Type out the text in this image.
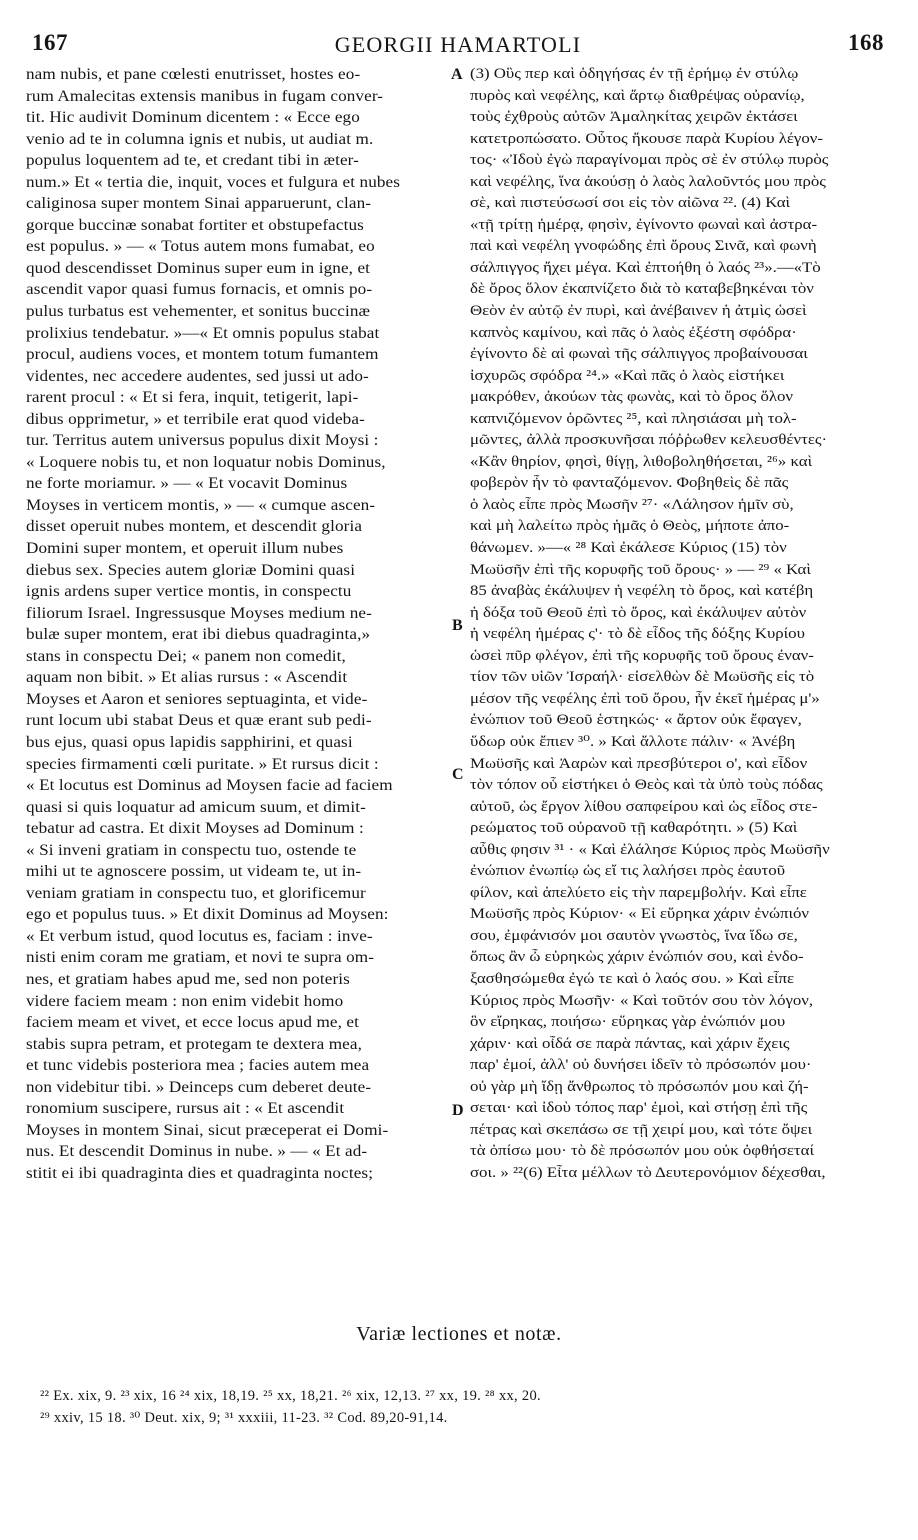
167	GEORGII HAMARTOLI	168
nam nubis, et pane cœlesti enutrisset, hostes eo-
rum Amalecitas extensis manibus in fugam conver-
tit. Hic audivit Dominum dicentem : « Ecce ego
venio ad te in columna ignis et nubis, ut audiat m.
populus loquentem ad te, et credant tibi in æter-
num.» Et « tertia die, inquit, voces et fulgura et nubes
caliginosa super montem Sinai apparuerunt, clan-
gorque buccinæ sonabat fortiter et obstupefactus
est populus. » — « Totus autem mons fumabat, eo
quod descendisset Dominus super eum in igne, et
ascendit vapor quasi fumus fornacis, et omnis po-
pulus turbatus est vehementer, et sonitus buccinæ
prolixius tendebatur. »—« Et omnis populus stabat
procul, audiens voces, et montem totum fumantem
videntes, nec accedere audentes, sed jussi ut ado-
rarent procul : « Et si fera, inquit, tetigerit, lapi-
dibus opprimetur, » et terribile erat quod videba-
tur. Territus autem universus populus dixit Moysi :
« Loquere nobis tu, et non loquatur nobis Dominus,
ne forte moriamur. » — « Et vocavit Dominus
Moyses in verticem montis, » — « cumque ascen-
disset operuit nubes montem, et descendit gloria
Domini super montem, et operuit illum nubes
diebus sex. Species autem gloriæ Domini quasi
ignis ardens super vertice montis, in conspectu
filiorum Israel. Ingressusque Moyses medium ne-
bulæ super montem, erat ibi diebus quadraginta,»
stans in conspectu Dei; « panem non comedit,
aquam non bibit. » Et alias rursus : « Ascendit
Moyses et Aaron et seniores septuaginta, et vide-
runt locum ubi stabat Deus et quæ erant sub pedi-
bus ejus, quasi opus lapidis sapphirini, et quasi
species firmamenti cœli puritate. » Et rursus dicit :
« Et locutus est Dominus ad Moysen facie ad faciem
quasi si quis loquatur ad amicum suum, et dimit-
tebatur ad castra. Et dixit Moyses ad Dominum :
« Si inveni gratiam in conspectu tuo, ostende te
mihi ut te agnoscere possim, ut videam te, ut in-
veniam gratiam in conspectu tuo, et glorificemur
ego et populus tuus. » Et dixit Dominus ad Moysen:
« Et verbum istud, quod locutus es, faciam : inve-
nisti enim coram me gratiam, et novi te supra om-
nes, et gratiam habes apud me, sed non poteris
videre faciem meam : non enim videbit homo
faciem meam et vivet, et ecce locus apud me, et
stabis supra petram, et protegam te dextera mea,
et tunc videbis posteriora mea ; facies autem mea
non videbitur tibi. » Deinceps cum deberet deute-
ronomium suscipere, rursus ait : « Et ascendit
Moyses in montem Sinai, sicut præceperat ei Domi-
nus. Et descendit Dominus in nube. » — « Et ad-
stitit ei ibi quadraginta dies et quadraginta noctes;
A
B
C
D
(3) Οὓς περ καὶ ὁδηγήσας ἐν τῇ ἐρήμῳ ἐν στύλῳ
πυρὸς καὶ νεφέλης, καὶ ἄρτῳ διαθρέψας οὐρανίῳ,
τοὺς ἐχθροὺς αὐτῶν Ἀμαληκίτας χειρῶν ἐκτάσει
κατετροπώσατο. Οὗτος ἤκουσε παρὰ Κυρίου λέγον-
τος· «Ἰδοὺ ἐγὼ παραγίνομαι πρὸς σὲ ἐν στύλῳ πυρὸς
καὶ νεφέλης, ἵνα ἀκούσῃ ὁ λαὸς λαλοῦντός μου πρὸς
σὲ, καὶ πιστεύσωσί σοι εἰς τὸν αἰῶνα ²². (4) Καὶ
«τῇ τρίτῃ ἡμέρᾳ, φησὶν, ἐγίνοντο φωναὶ καὶ ἀστρα-
παὶ καὶ νεφέλη γνοφώδης ἐπὶ ὄρους Σινᾶ, καὶ φωνὴ
σάλπιγγος ἤχει μέγα. Καὶ ἐπτοήθη ὁ λαός ²³».—«Τὸ
δὲ ὄρος ὅλον ἐκαπνίζετο διὰ τὸ καταβεβηκέναι τὸν
Θεὸν ἐν αὐτῷ ἐν πυρὶ, καὶ ἀνέβαινεν ἡ ἀτμὶς ὡσεὶ
καπνὸς καμίνου, καὶ πᾶς ὁ λαὸς ἐξέστη σφόδρα·
ἐγίνοντο δὲ αἱ φωναὶ τῆς σάλπιγγος προβαίνουσαι
ἰσχυρῶς σφόδρα ²⁴.» «Καὶ πᾶς ὁ λαὸς εἱστήκει
μακρόθεν, ἀκούων τὰς φωνὰς, καὶ τὸ ὄρος ὅλον
καπνιζόμενον ὁρῶντες ²⁵, καὶ πλησιάσαι μὴ τολ-
μῶντες, ἀλλὰ προσκυνῆσαι πόῤῥωθεν κελευσθέντες·
«Κἂν θηρίον, φησὶ, θίγῃ, λιθοβοληθήσεται, ²⁶» καὶ
φοβερὸν ἦν τὸ φανταζόμενον. Φοβηθεὶς δὲ πᾶς
ὁ λαὸς εἶπε πρὸς Μωσῆν ²⁷· «Λάλησον ἡμῖν σὺ,
καὶ μὴ λαλείτω πρὸς ἡμᾶς ὁ Θεὸς, μήποτε ἀπο-
θάνωμεν. »—« ²⁸ Καὶ ἐκάλεσε Κύριος (15) τὸν
Μωϋσῆν ἐπὶ τῆς κορυφῆς τοῦ ὄρους· » — ²⁹ « Καὶ
85 ἀναβὰς ἐκάλυψεν ἡ νεφέλη τὸ ὄρος, καὶ κατέβη
ἡ δόξα τοῦ Θεοῦ ἐπὶ τὸ ὄρος, καὶ ἐκάλυψεν αὐτὸν
ἡ νεφέλη ἡμέρας ς'· τὸ δὲ εἶδος τῆς δόξης Κυρίου
ὡσεὶ πῦρ φλέγον, ἐπὶ τῆς κορυφῆς τοῦ ὄρους ἐναν-
τίον τῶν υἱῶν Ἰσραήλ· εἰσελθὼν δὲ Μωϋσῆς εἰς τὸ
μέσον τῆς νεφέλης ἐπὶ τοῦ ὄρου, ἦν ἐκεῖ ἡμέρας μ'»
ἐνώπιον τοῦ Θεοῦ ἑστηκώς· « ἄρτον οὐκ ἔφαγεν,
ὕδωρ οὐκ ἔπιεν ³⁰. » Καὶ ἄλλοτε πάλιν· « Ἀνέβη
Μωϋσῆς καὶ Ἀαρὼν καὶ πρεσβύτεροι ο', καὶ εἶδον
τὸν τόπον οὗ εἱστήκει ὁ Θεὸς καὶ τὰ ὑπὸ τοὺς πόδας
αὐτοῦ, ὡς ἔργον λίθου σαπφείρου καὶ ὡς εἶδος στε-
ρεώματος τοῦ οὐρανοῦ τῇ καθαρότητι. » (5) Καὶ
αὖθις φησιν ³¹ · « Καὶ ἐλάλησε Κύριος πρὸς Μωϋσῆν
ἐνώπιον ἐνωπίῳ ὡς εἴ τις λαλήσει πρὸς ἑαυτοῦ
φίλον, καὶ ἀπελύετο εἰς τὴν παρεμβολήν. Καὶ εἶπε
Μωϋσῆς πρὸς Κύριον· « Εἰ εὕρηκα χάριν ἐνώπιόν
σου, ἐμφάνισόν μοι σαυτὸν γνωστὸς, ἵνα ἴδω σε,
ὅπως ἂν ὦ εὑρηκὼς χάριν ἐνώπιόν σου, καὶ ἐνδο-
ξασθησώμεθα ἐγώ τε καὶ ὁ λαός σου. » Καὶ εἶπε
Κύριος πρὸς Μωσῆν· « Καὶ τοῦτόν σου τὸν λόγον,
ὃν εἴρηκας, ποιήσω· εὕρηκας γὰρ ἐνώπιόν μου
χάριν· καὶ οἶδά σε παρὰ πάντας, καὶ χάριν ἔχεις
παρ' ἐμοί, ἀλλ' οὐ δυνήσει ἰδεῖν τὸ πρόσωπόν μου·
οὐ γὰρ μὴ ἴδῃ ἄνθρωπος τὸ πρόσωπόν μου καὶ ζή-
σεται· καὶ ἰδοὺ τόπος παρ' ἐμοὶ, καὶ στήσῃ ἐπὶ τῆς
πέτρας καὶ σκεπάσω σε τῇ χειρί μου, καὶ τότε ὄψει
τὰ ὀπίσω μου· τὸ δὲ πρόσωπόν μου οὐκ ὀφθήσεταί
σοι. » ²²(6) Εἶτα μέλλων τὸ Δευτερονόμιον δέχεσθαι,
Variæ lectiones et notæ.
²² Ex. xix, 9. ²³ xix, 16 ²⁴ xix, 18,19. ²⁵ xx, 18,21. ²⁶ xix, 12,13. ²⁷ xx, 19. ²⁸ xx, 20.
²⁹ xxiv, 15 18. ³⁰ Deut. xix, 9; ³¹ xxxiii, 11-23. ³² Cod. 89,20-91,14.
